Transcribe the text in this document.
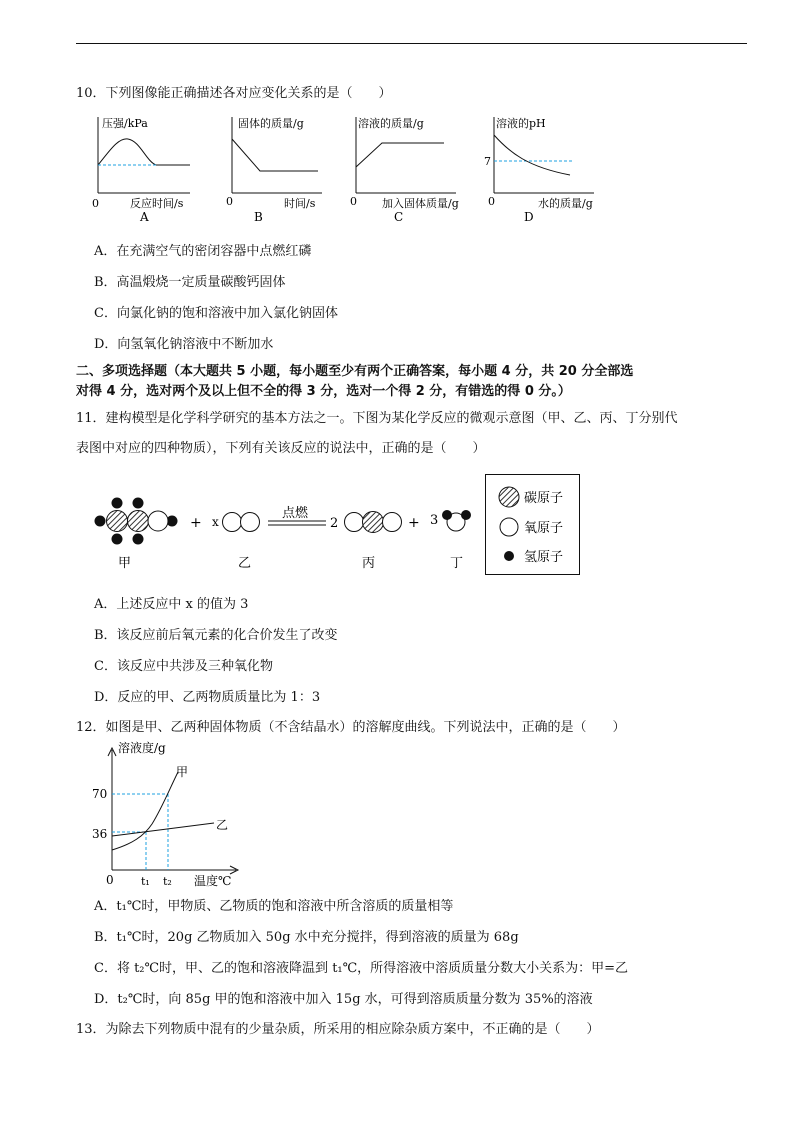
10．下列图像能正确描述各对应变化关系的是（　　）
压强/kPa
0	反应时间/s
A
固体的质量/g
0	时间/s
B
溶液的质量/g
0 加入固体质量/g
C
溶液的pH
7
0	水的质量/g
D
A．在充满空气的密闭容器中点燃红磷
B．高温煅烧一定质量碳酸钙固体
C．向氯化钠的饱和溶液中加入氯化钠固体
D．向氢氧化钠溶液中不断加水
二、多项选择题（本大题共 5 小题，每小题至少有两个正确答案，每小题 4 分，共 20 分全部选
对得 4 分，选对两个及以上但不全的得 3 分，选对一个得 2 分，有错选的得 0 分。）
11．建构模型是化学科学研究的基本方法之一。下图为某化学反应的微观示意图（甲、乙、丙、丁分别代
表图中对应的四种物质），下列有关该反应的说法中，正确的是（　　）
+ x
点燃
2	+ 3
甲	乙	丙	丁
碳原子
氧原子
氢原子
A．上述反应中 x 的值为 3
B．该反应前后氧元素的化合价发生了改变
C．该反应中共涉及三种氧化物
D．反应的甲、乙两物质质量比为 1：3
12．如图是甲、乙两种固体物质（不含结晶水）的溶解度曲线。下列说法中，正确的是（　　）
溶液度/g
甲
乙
70
36
0 t₁ t₂ 温度℃
A．t₁℃时，甲物质、乙物质的饱和溶液中所含溶质的质量相等
B．t₁℃时，20g 乙物质加入 50g 水中充分搅拌，得到溶液的质量为 68g
C．将 t₂℃时，甲、乙的饱和溶液降温到 t₁℃，所得溶液中溶质质量分数大小关系为：甲=乙
D．t₂℃时，向 85g 甲的饱和溶液中加入 15g 水，可得到溶质质量分数为 35%的溶液
13．为除去下列物质中混有的少量杂质，所采用的相应除杂质方案中，不正确的是（　　）
